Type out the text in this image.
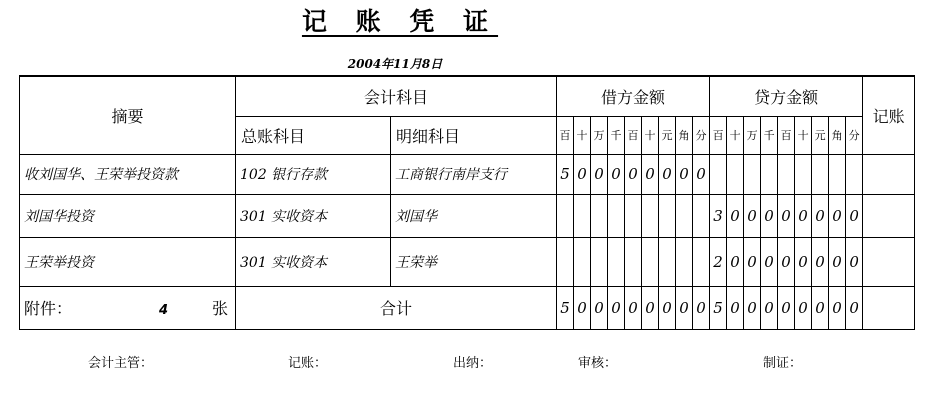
记 账 凭 证
2004年11月8日
摘要	会计科目		借方金额									贷方金额									记账
	总账科目	明细科目	百	十	万	千	百	十	元	角	分	百	十	万	千	百	十	元	角	分	
收刘国华、王荣举投资款	102 银行存款	工商银行南岸支行	5	0	0	0	0	0	0	0	0										
刘国华投资	301 实收资本	刘国华										3	0	0	0	0	0	0	0	0	
王荣举投资	301 实收资本	王荣举										2	0	0	0	0	0	0	0	0	
附件： 4 张	合计		5	0	0	0	0	0	0	0	0	5	0	0	0	0	0	0	0	0	
会计主管：	记账：	出纳：	审核：	制证：
